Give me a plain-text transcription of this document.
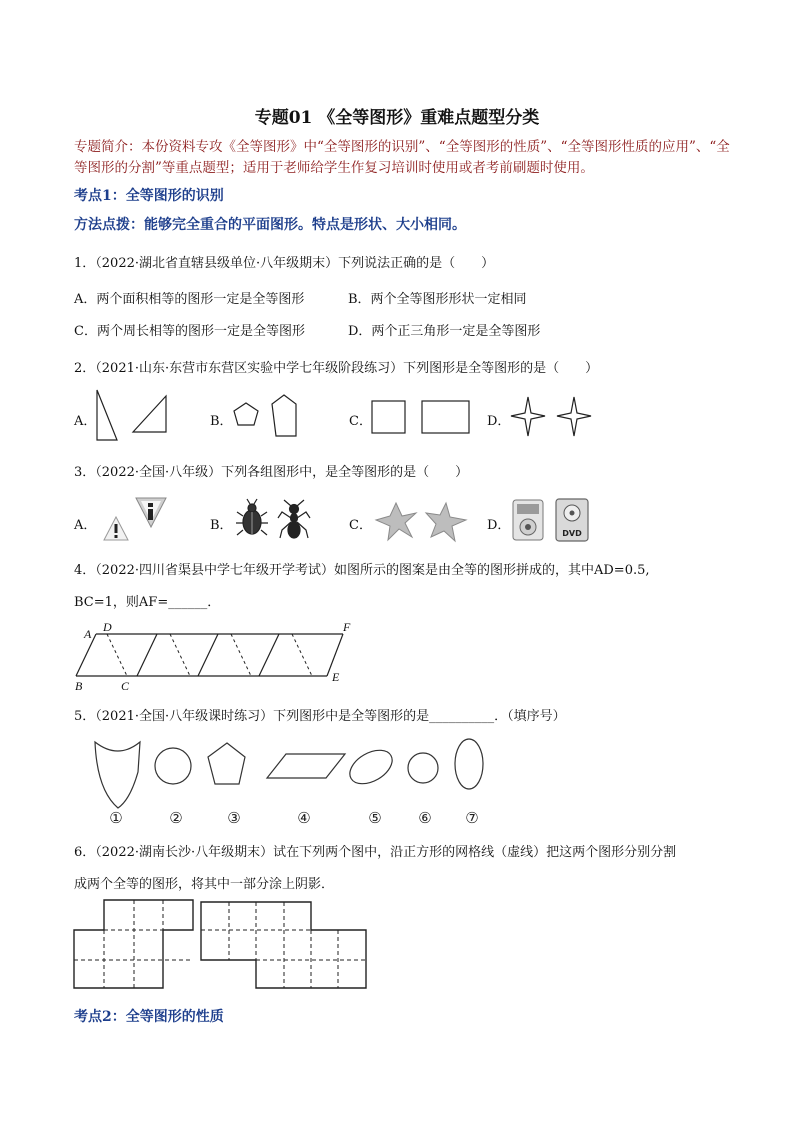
专题01 《全等图形》重难点题型分类
专题简介：本份资料专攻《全等图形》中“全等图形的识别”、“全等图形的性质”、“全等图形性质的应用”、“全等图形的分割”等重点题型；适用于老师给学生作复习培训时使用或者考前刷题时使用。
考点1：全等图形的识别
方法点拨：能够完全重合的平面图形。特点是形状、大小相同。
1．（2022·湖北省直辖县级单位·八年级期末）下列说法正确的是（　　）
A．两个面积相等的图形一定是全等图形	B．两个全等图形形状一定相同
C．两个周长相等的图形一定是全等图形	D．两个正三角形一定是全等图形
2．（2021·山东·东营市东营区实验中学七年级阶段练习）下列图形是全等图形的是（　　）
A．	B．	C．	D．
3．（2022·全国·八年级）下列各组图形中，是全等图形的是（　　）
A．	B．	C．	D．
DVD
4．（2022·四川省渠县中学七年级开学考试）如图所示的图案是由全等的图形拼成的，其中AD=0.5,
BC=1，则AF=______．
A D	F
B	C
E
5．（2021·全国·八年级课时练习）下列图形中是全等图形的是__________．（填序号）
①	②	③	④	⑤ ⑥ ⑦
6．（2022·湖南长沙·八年级期末）试在下列两个图中，沿正方形的网格线（虚线）把这两个图形分别分割
成两个全等的图形，将其中一部分涂上阴影．
考点2：全等图形的性质
